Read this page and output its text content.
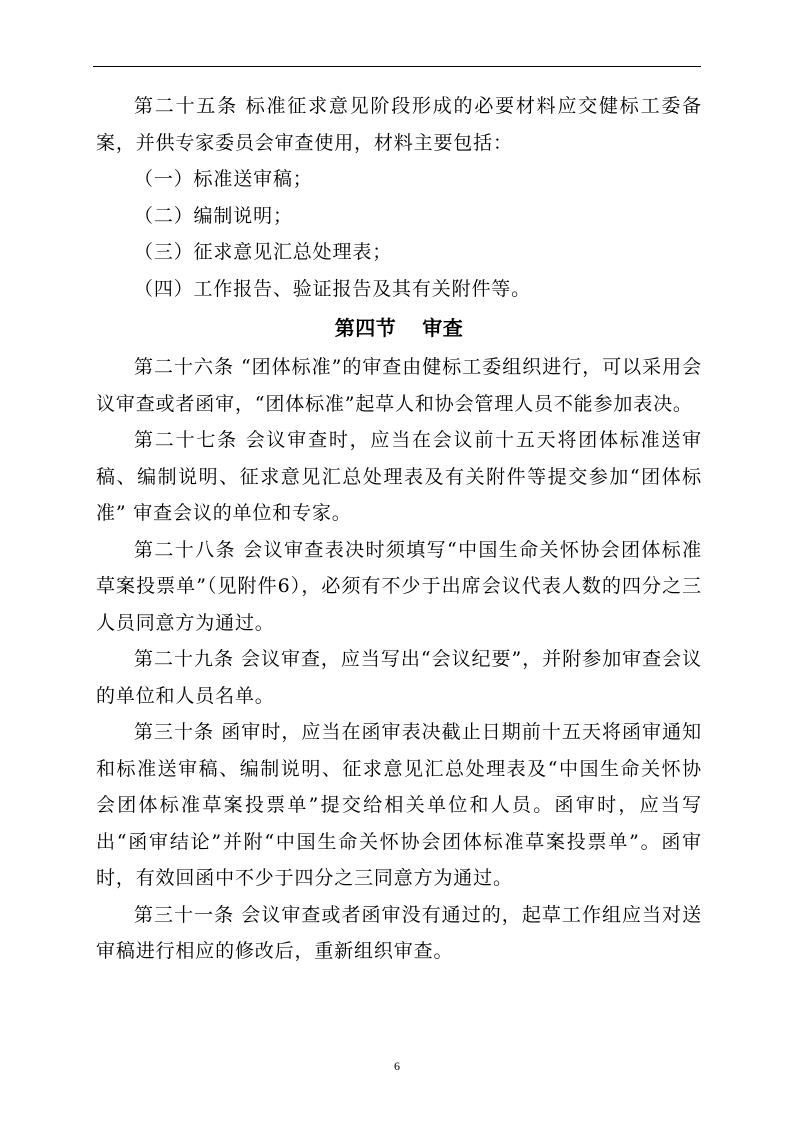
第二十五条 标准征求意见阶段形成的必要材料应交健标工委备案，并供专家委员会审查使用，材料主要包括：

（一）标准送审稿；

（二）编制说明；

（三）征求意见汇总处理表；

（四）工作报告、验证报告及其有关附件等。

第四节 审查

第二十六条 “团体标准”的审查由健标工委组织进行，可以采用会议审查或者函审，“团体标准”起草人和协会管理人员不能参加表决。

第二十七条 会议审查时，应当在会议前十五天将团体标准送审稿、编制说明、征求意见汇总处理表及有关附件等提交参加“团体标准” 审查会议的单位和专家。

第二十八条 会议审查表决时须填写“中国生命关怀协会团体标准草案投票单”（见附件6），必须有不少于出席会议代表人数的四分之三人员同意方为通过。

第二十九条 会议审查，应当写出“会议纪要”，并附参加审查会议的单位和人员名单。

第三十条 函审时，应当在函审表决截止日期前十五天将函审通知和标准送审稿、编制说明、征求意见汇总处理表及“中国生命关怀协会团体标准草案投票单”提交给相关单位和人员。函审时，应当写出“函审结论”并附“中国生命关怀协会团体标准草案投票单”。函审时，有效回函中不少于四分之三同意方为通过。

第三十一条 会议审查或者函审没有通过的，起草工作组应当对送审稿进行相应的修改后，重新组织审查。

6
